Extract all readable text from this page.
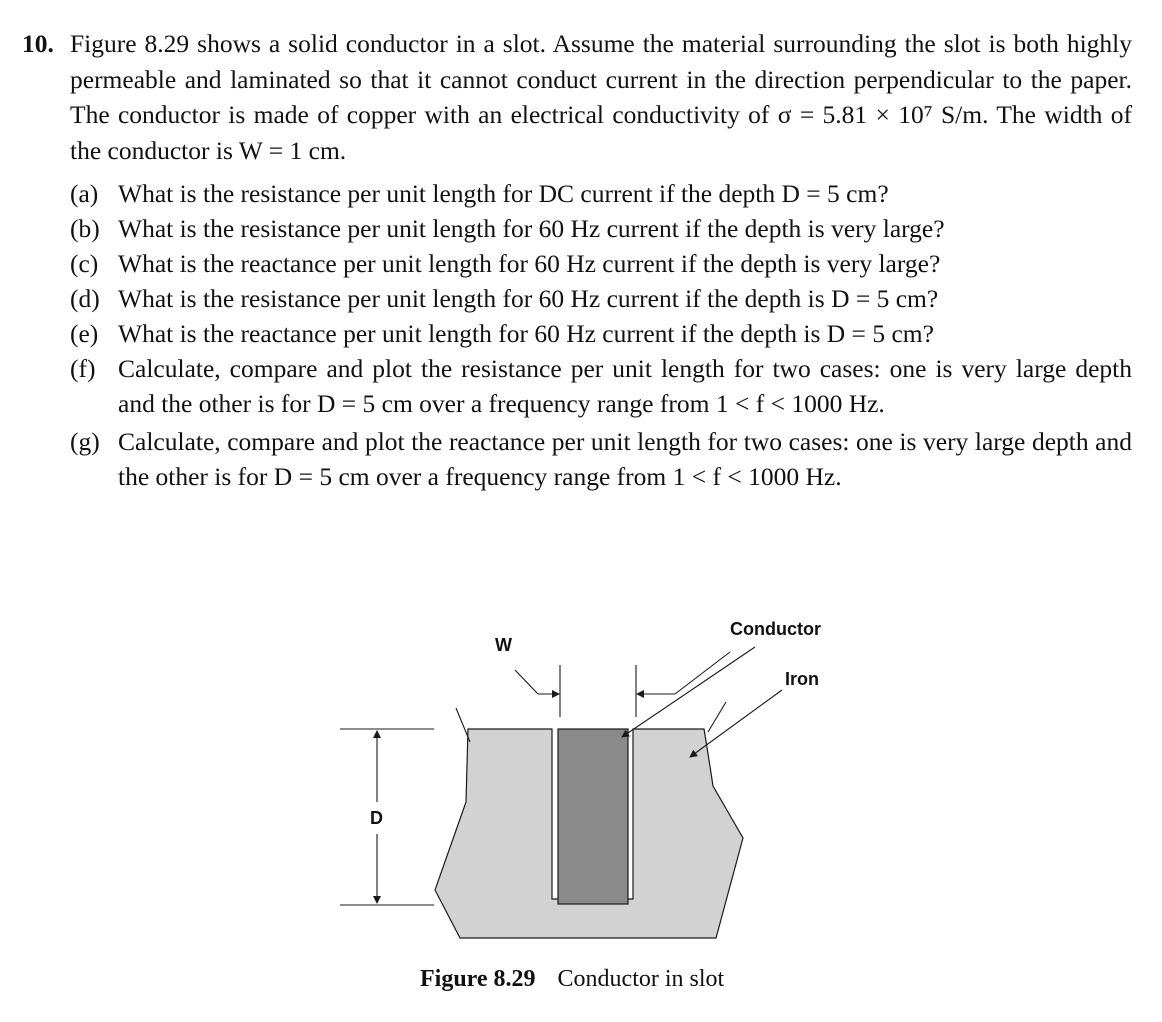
10. Figure 8.29 shows a solid conductor in a slot. Assume the material surrounding the slot is both highly permeable and laminated so that it cannot conduct current in the direction perpendicular to the paper. The conductor is made of copper with an electrical conductivity of σ = 5.81 × 10⁷ S/m. The width of the conductor is W = 1 cm.

(a) What is the resistance per unit length for DC current if the depth D = 5 cm?
(b) What is the resistance per unit length for 60 Hz current if the depth is very large?
(c) What is the reactance per unit length for 60 Hz current if the depth is very large?
(d) What is the resistance per unit length for 60 Hz current if the depth is D = 5 cm?
(e) What is the reactance per unit length for 60 Hz current if the depth is D = 5 cm?
(f) Calculate, compare and plot the resistance per unit length for two cases: one is very large depth and the other is for D = 5 cm over a frequency range from 1 < f < 1000 Hz.
(g) Calculate, compare and plot the reactance per unit length for two cases: one is very large depth and the other is for D = 5 cm over a frequency range from 1 < f < 1000 Hz.
W
Conductor
Iron
D
Figure 8.29 Conductor in slot
